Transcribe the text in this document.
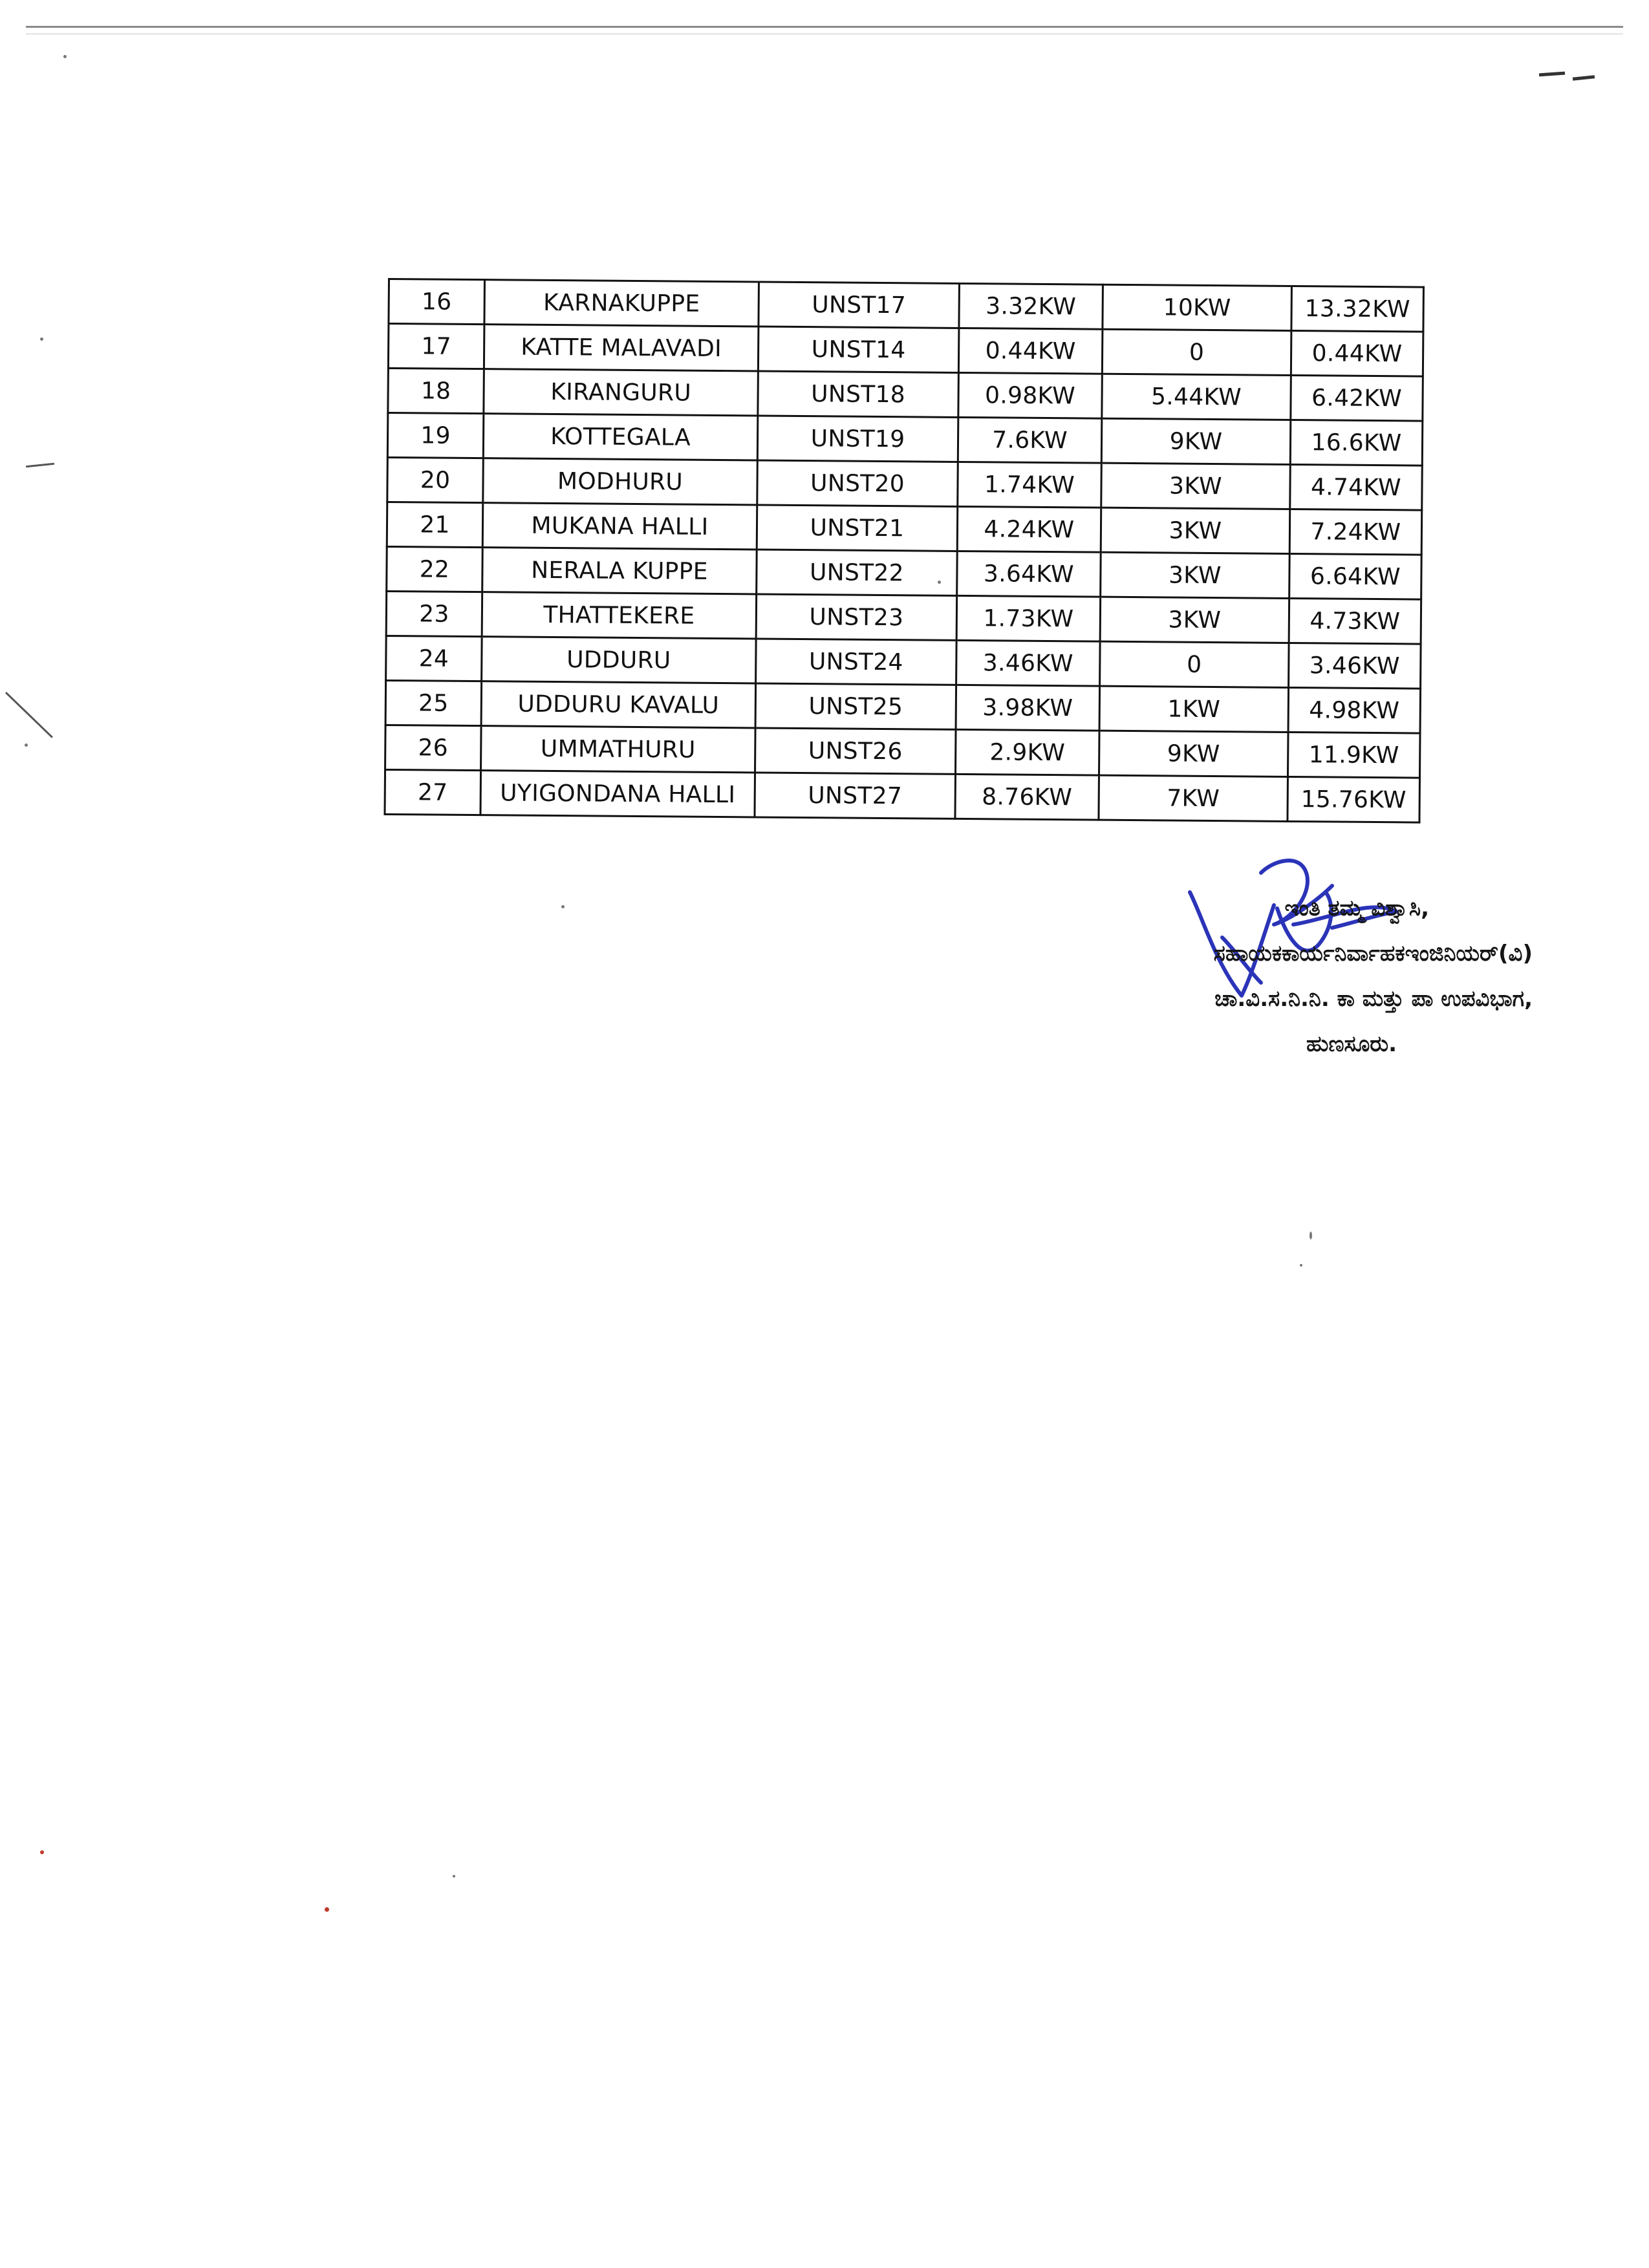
16	KARNAKUPPE	UNST17	3.32KW	10KW	13.32KW
17	KATTE MALAVADI	UNST14	0.44KW	0	0.44KW
18	KIRANGURU	UNST18	0.98KW	5.44KW	6.42KW
19	KOTTEGALA	UNST19	7.6KW	9KW	16.6KW
20	MODHURU	UNST20	1.74KW	3KW	4.74KW
21	MUKANA HALLI	UNST21	4.24KW	3KW	7.24KW
22	NERALA KUPPE	UNST22	3.64KW	3KW	6.64KW
23	THATTEKERE	UNST23	1.73KW	3KW	4.73KW
24	UDDURU	UNST24	3.46KW	0	3.46KW
25	UDDURU KAVALU	UNST25	3.98KW	1KW	4.98KW
26	UMMATHURU	UNST26	2.9KW	9KW	11.9KW
27	UYIGONDANA HALLI	UNST27	8.76KW	7KW	15.76KW
ಇಂತಿ ತಮ್ಮ ವಿಶ್ವಾಸಿ,
ಸಹಾಯಕಕಾರ್ಯನಿರ್ವಾಹಕಇಂಜಿನಿಯರ್(ವಿ)
ಚಾ.ವಿ.ಸ.ನಿ.ನಿ. ಕಾ ಮತ್ತು ಪಾ ಉಪವಿಭಾಗ,
ಹುಣಸೂರು.
